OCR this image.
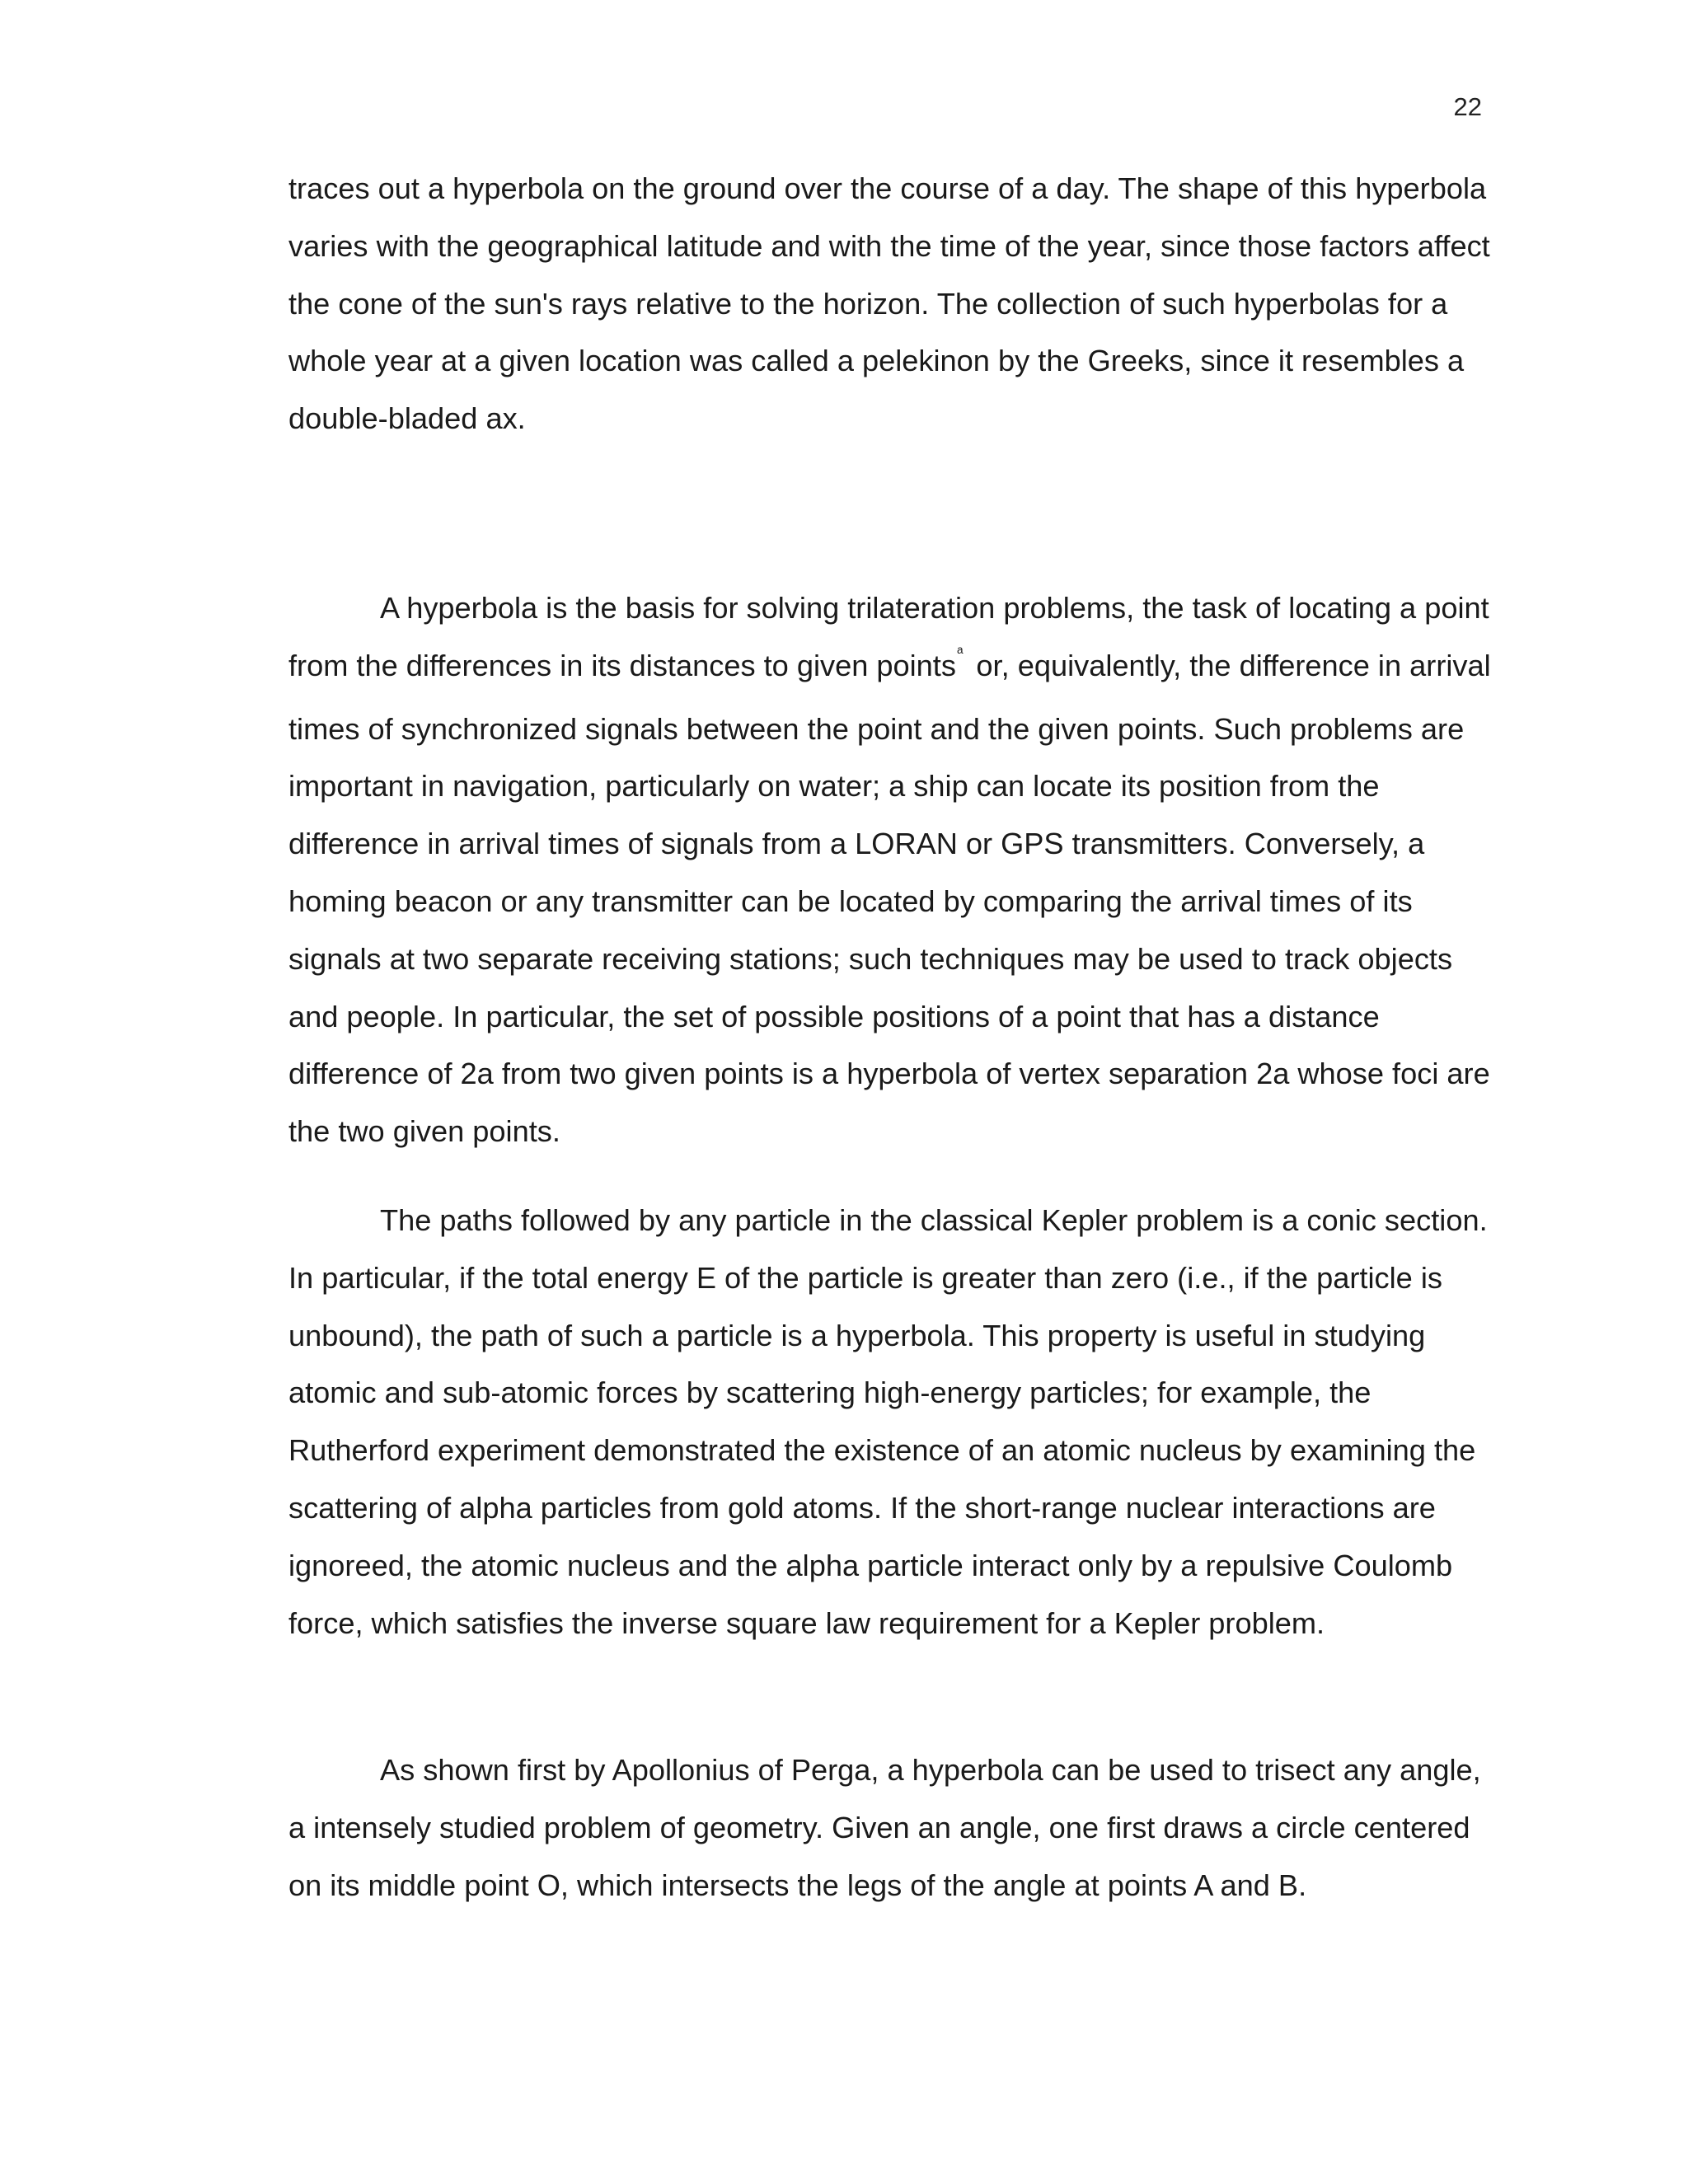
22

traces out a hyperbola on the ground over the course of a day. The shape of this hyperbola varies with the geographical latitude and with the time of the year, since those factors affect the cone of the sun's rays relative to the horizon. The collection of such hyperbolas for a whole year at a given location was called a pelekinon by the Greeks, since it resembles a double-bladed ax.

A hyperbola is the basis for solving trilateration problems, the task of locating a point from the differences in its distances to given points$^ᵃ$ or, equivalently, the difference in arrival times of synchronized signals between the point and the given points. Such problems are important in navigation, particularly on water; a ship can locate its position from the difference in arrival times of signals from a LORAN or GPS transmitters. Conversely, a homing beacon or any transmitter can be located by comparing the arrival times of its signals at two separate receiving stations; such techniques may be used to track objects and people. In particular, the set of possible positions of a point that has a distance difference of 2a from two given points is a hyperbola of vertex separation 2a whose foci are the two given points.

The paths followed by any particle in the classical Kepler problem is a conic section. In particular, if the total energy E of the particle is greater than zero (i.e., if the particle is unbound), the path of such a particle is a hyperbola. This property is useful in studying atomic and sub-atomic forces by scattering high-energy particles; for example, the Rutherford experiment demonstrated the existence of an atomic nucleus by examining the scattering of alpha particles from gold atoms. If the short-range nuclear interactions are ignoreed, the atomic nucleus and the alpha particle interact only by a repulsive Coulomb force, which satisfies the inverse square law requirement for a Kepler problem.

As shown first by Apollonius of Perga, a hyperbola can be used to trisect any angle, a intensely studied problem of geometry. Given an angle, one first draws a circle centered on its middle point O, which intersects the legs of the angle at points A and B.
